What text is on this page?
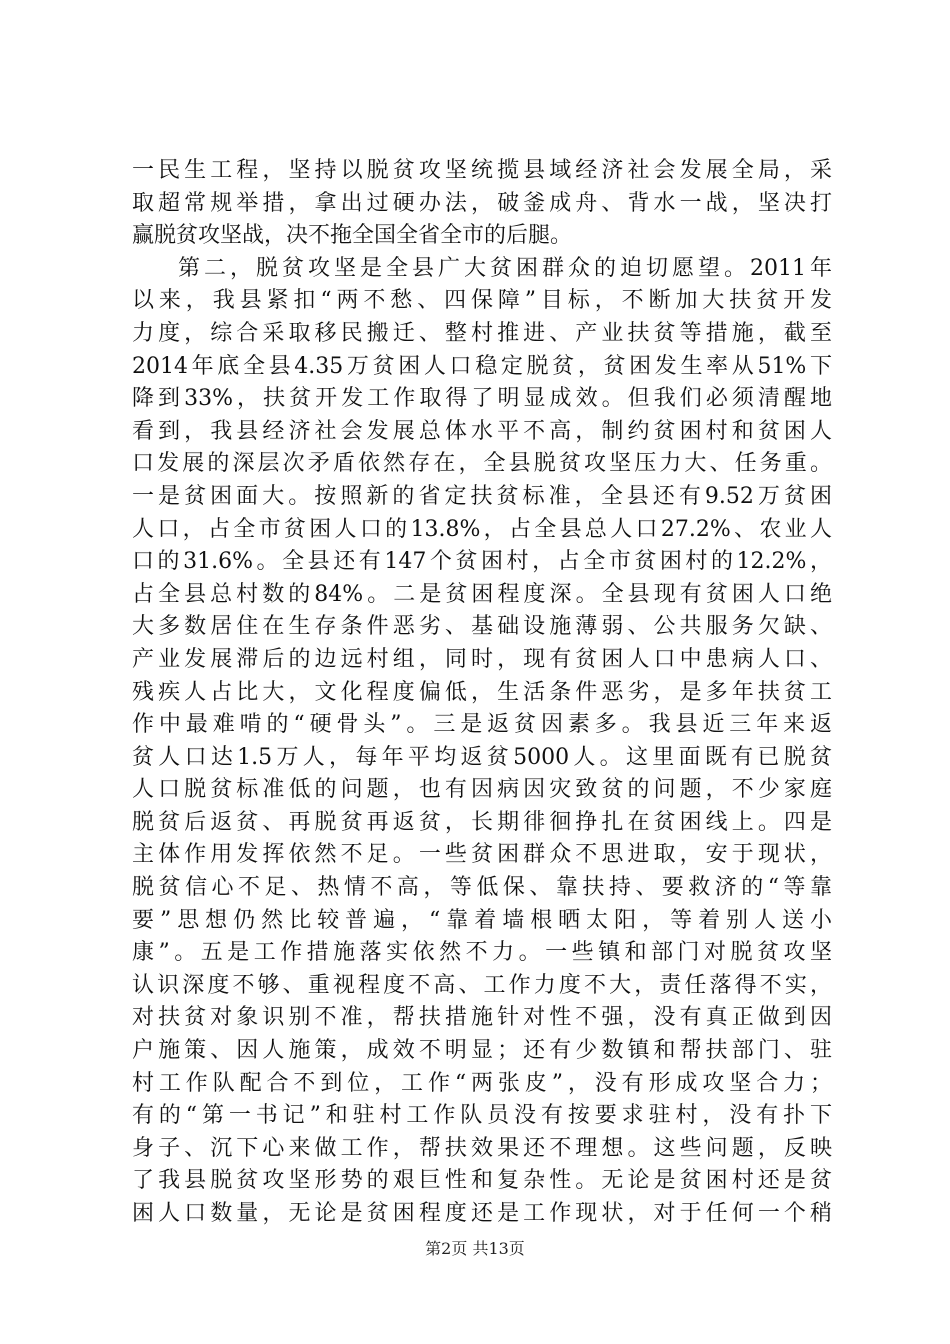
一民生工程，坚持以脱贫攻坚统揽县域经济社会发展全局，采
取超常规举措，拿出过硬办法，破釜成舟、背水一战，坚决打
赢脱贫攻坚战，决不拖全国全省全市的后腿。
第二，脱贫攻坚是全县广大贫困群众的迫切愿望。2011年
以来，我县紧扣“两不愁、四保障”目标，不断加大扶贫开发
力度，综合采取移民搬迁、整村推进、产业扶贫等措施，截至
2014年底全县4.35万贫困人口稳定脱贫，贫困发生率从51%下
降到33%，扶贫开发工作取得了明显成效。但我们必须清醒地
看到，我县经济社会发展总体水平不高，制约贫困村和贫困人
口发展的深层次矛盾依然存在，全县脱贫攻坚压力大、任务重。
一是贫困面大。按照新的省定扶贫标准，全县还有9.52万贫困
人口，占全市贫困人口的13.8%，占全县总人口27.2%、农业人
口的31.6%。全县还有147个贫困村，占全市贫困村的12.2%，
占全县总村数的84%。二是贫困程度深。全县现有贫困人口绝
大多数居住在生存条件恶劣、基础设施薄弱、公共服务欠缺、
产业发展滞后的边远村组，同时，现有贫困人口中患病人口、
残疾人占比大，文化程度偏低，生活条件恶劣，是多年扶贫工
作中最难啃的“硬骨头”。三是返贫因素多。我县近三年来返
贫人口达1.5万人，每年平均返贫5000人。这里面既有已脱贫
人口脱贫标准低的问题，也有因病因灾致贫的问题，不少家庭
脱贫后返贫、再脱贫再返贫，长期徘徊挣扎在贫困线上。四是
主体作用发挥依然不足。一些贫困群众不思进取，安于现状，
脱贫信心不足、热情不高，等低保、靠扶持、要救济的“等靠
要”思想仍然比较普遍，“靠着墙根晒太阳，等着别人送小
康”。五是工作措施落实依然不力。一些镇和部门对脱贫攻坚
认识深度不够、重视程度不高、工作力度不大，责任落得不实，
对扶贫对象识别不准，帮扶措施针对性不强，没有真正做到因
户施策、因人施策，成效不明显；还有少数镇和帮扶部门、驻
村工作队配合不到位，工作“两张皮”，没有形成攻坚合力；
有的“第一书记”和驻村工作队员没有按要求驻村，没有扑下
身子、沉下心来做工作，帮扶效果还不理想。这些问题，反映
了我县脱贫攻坚形势的艰巨性和复杂性。无论是贫困村还是贫
困人口数量，无论是贫困程度还是工作现状，对于任何一个稍
第2页 共13页
